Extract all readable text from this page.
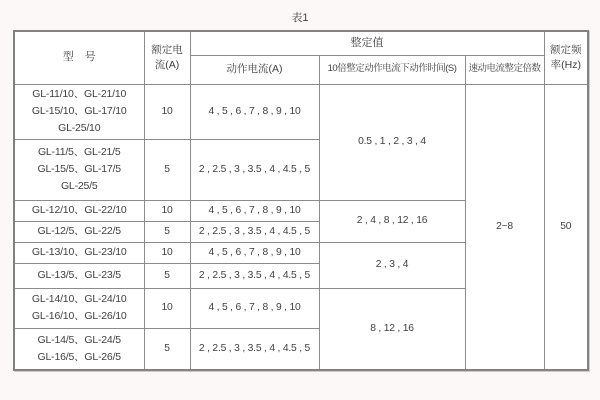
表1
型　号	额定电流(A)	整定值			额定频率(Hz)
		动作电流(A)	10倍整定动作电流下动作时间(S)	速动电流整定倍数	

GL-11/10、GL-21/10
GL-15/10、GL-17/10
GL-25/10	10	4 , 5 , 6 , 7 , 8 , 9 , 10	0.5 , 1 , 2 , 3 , 4	2~8	50

GL-11/5、GL-21/5
GL-15/5、GL-17/5
GL-25/5	5	2 , 2.5 , 3 , 3.5 , 4 , 4.5 , 5			

GL-12/10、GL-22/10	10	4 , 5 , 6 , 7 , 8 , 9 , 10	2 , 4 , 8 , 12 , 16		

GL-12/5、GL-22/5	5	2 , 2.5 , 3 , 3.5 , 4 , 4.5 , 5			

GL-13/10、GL-23/10	10	4 , 5 , 6 , 7 , 8 , 9 , 10	2 , 3 , 4		

GL-13/5、GL-23/5	5	2 , 2.5 , 3 , 3.5 , 4 , 4.5 , 5			

GL-14/10、GL-24/10
GL-16/10、GL-26/10	10	4 , 5 , 6 , 7 , 8 , 9 , 10	8 , 12 , 16		

GL-14/5、GL-24/5
GL-16/5、GL-26/5	5	2 , 2.5 , 3 , 3.5 , 4 , 4.5 , 5			
